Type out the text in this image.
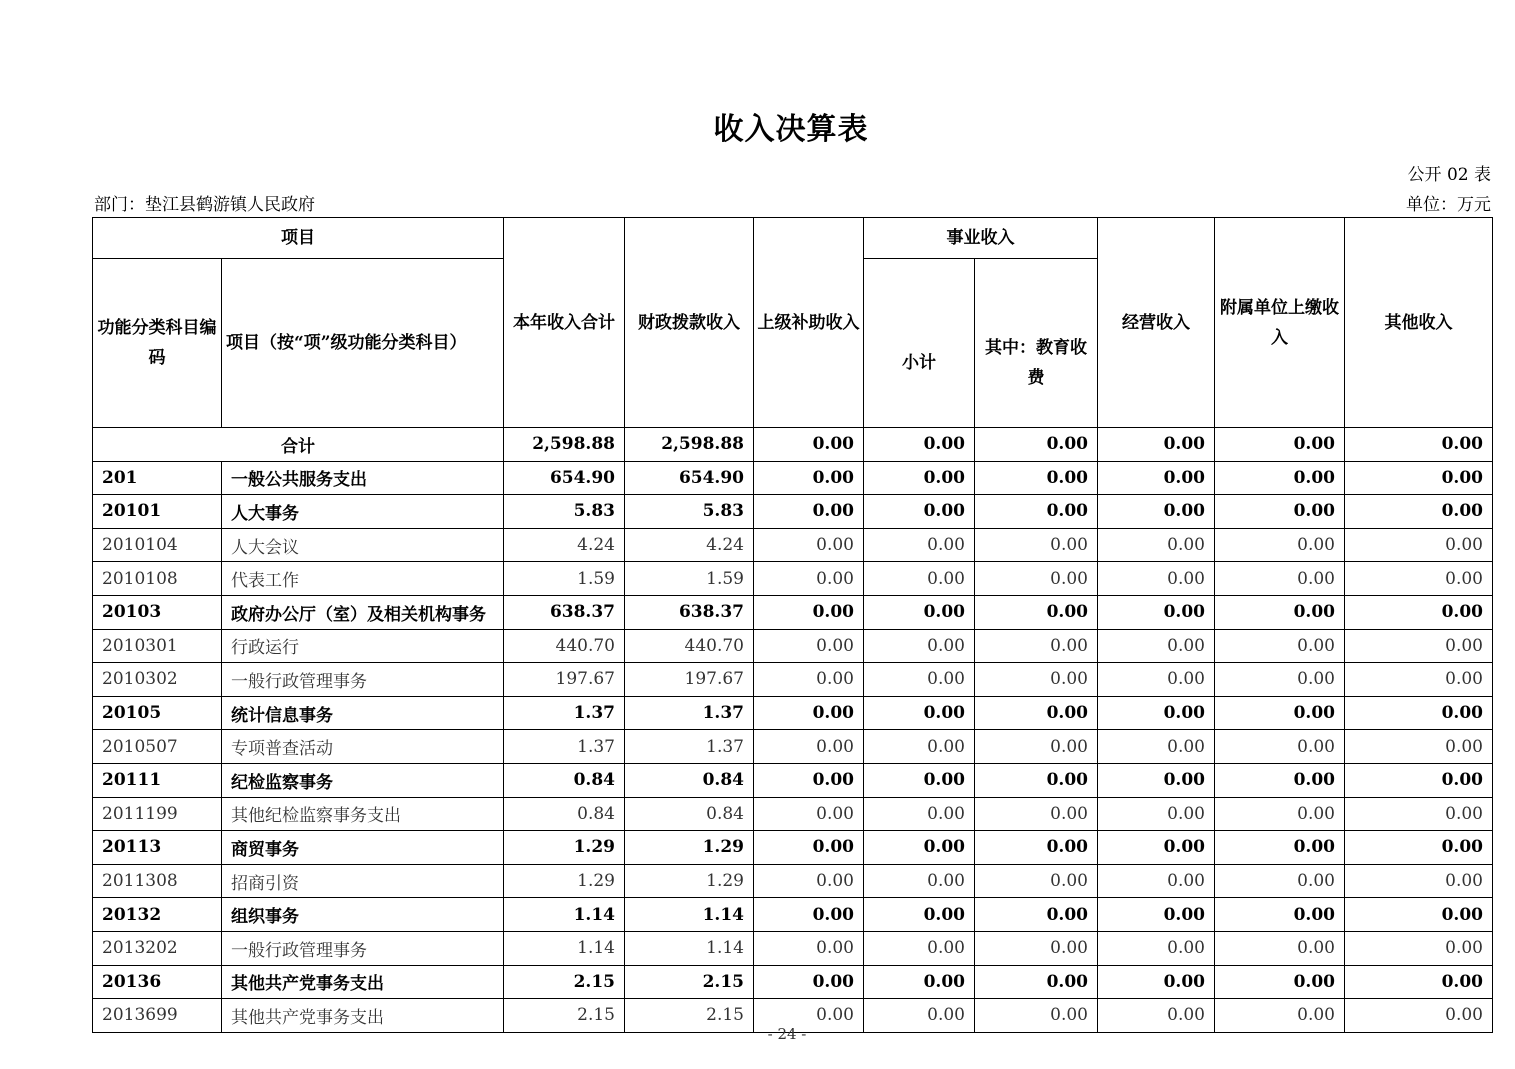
收入决算表
公开 02 表
部门：垫江县鹤游镇人民政府	单位：万元
项目		本年收入合计	财政拨款收入	上级补助收入	事业收入		经营收入	附属单位上缴收入	其他收入
功能分类科目编码	项目（按“项”级功能分类科目）				小计	其中：教育收费			
合计		2,598.88	2,598.88	0.00	0.00	0.00	0.00	0.00	0.00
201	一般公共服务支出	654.90	654.90	0.00	0.00	0.00	0.00	0.00	0.00
20101	人大事务	5.83	5.83	0.00	0.00	0.00	0.00	0.00	0.00
2010104	人大会议	4.24	4.24	0.00	0.00	0.00	0.00	0.00	0.00
2010108	代表工作	1.59	1.59	0.00	0.00	0.00	0.00	0.00	0.00
20103	政府办公厅（室）及相关机构事务	638.37	638.37	0.00	0.00	0.00	0.00	0.00	0.00
2010301	行政运行	440.70	440.70	0.00	0.00	0.00	0.00	0.00	0.00
2010302	一般行政管理事务	197.67	197.67	0.00	0.00	0.00	0.00	0.00	0.00
20105	统计信息事务	1.37	1.37	0.00	0.00	0.00	0.00	0.00	0.00
2010507	专项普查活动	1.37	1.37	0.00	0.00	0.00	0.00	0.00	0.00
20111	纪检监察事务	0.84	0.84	0.00	0.00	0.00	0.00	0.00	0.00
2011199	其他纪检监察事务支出	0.84	0.84	0.00	0.00	0.00	0.00	0.00	0.00
20113	商贸事务	1.29	1.29	0.00	0.00	0.00	0.00	0.00	0.00
2011308	招商引资	1.29	1.29	0.00	0.00	0.00	0.00	0.00	0.00
20132	组织事务	1.14	1.14	0.00	0.00	0.00	0.00	0.00	0.00
2013202	一般行政管理事务	1.14	1.14	0.00	0.00	0.00	0.00	0.00	0.00
20136	其他共产党事务支出	2.15	2.15	0.00	0.00	0.00	0.00	0.00	0.00
2013699	其他共产党事务支出	2.15	2.15	0.00	0.00	0.00	0.00	0.00	0.00
- 24 -
